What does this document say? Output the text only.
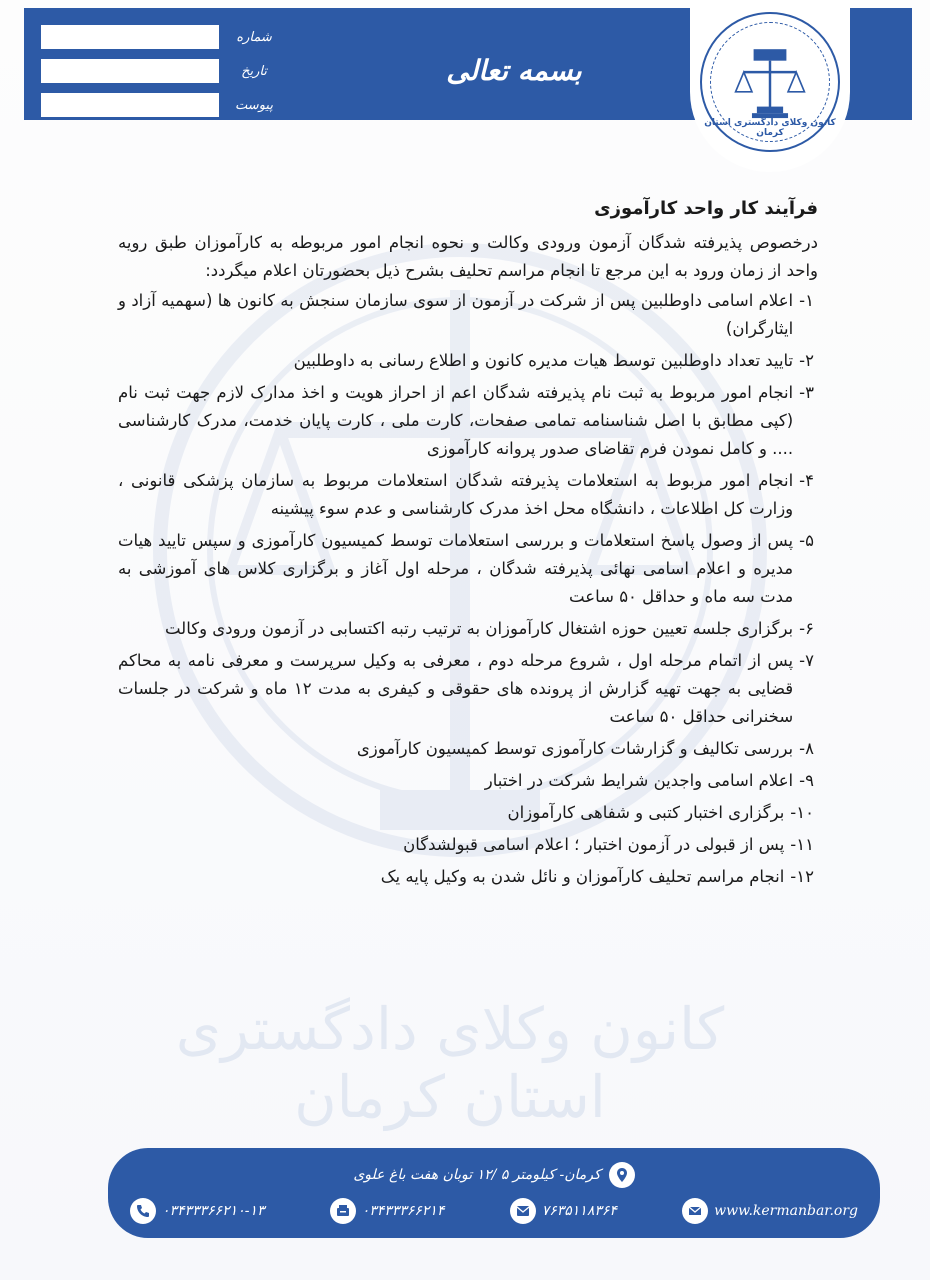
شماره
تاریخ
پیوست
بسمه تعالی
کانون وکلای دادگستری استان کرمان
کانون وکلای دادگستری استان کرمان
فرآیند کار واحد کارآموزی
درخصوص پذیرفته شدگان آزمون ورودی وکالت و نحوه انجام امور مربوطه به کارآموزان طبق رویه واحد از زمان ورود به این مرجع تا انجام مراسم تحلیف بشرح ذیل بحضورتان اعلام میگردد:
۱-
اعلام اسامی داوطلبین پس از شرکت در آزمون از سوی سازمان سنجش به کانون ها (سهمیه آزاد و ایثارگران)
۲-
تایید تعداد داوطلبین توسط هیات مدیره کانون و اطلاع رسانی به داوطلبین
۳-
انجام امور مربوط به ثبت نام پذیرفته شدگان اعم از احراز هویت و اخذ مدارک لازم جهت ثبت نام (کپی مطابق با اصل شناسنامه تمامی صفحات، کارت ملی ، کارت پایان خدمت، مدرک کارشناسی .... و کامل نمودن فرم تقاضای صدور پروانه کارآموزی
۴-
انجام امور مربوط به استعلامات پذیرفته شدگان استعلامات مربوط به سازمان پزشکی قانونی ، وزارت کل اطلاعات ، دانشگاه محل اخذ مدرک کارشناسی و عدم سوء پیشینه
۵-
پس از وصول پاسخ استعلامات و بررسی استعلامات توسط کمیسیون کارآموزی و سپس تایید هیات مدیره و اعلام اسامی نهائی پذیرفته شدگان ، مرحله اول آغاز و برگزاری کلاس های آموزشی به مدت سه ماه و حداقل ۵۰ ساعت
۶-
برگزاری جلسه تعیین حوزه اشتغال کارآموزان به ترتیب رتبه اکتسابی در آزمون ورودی وکالت
۷-
پس از اتمام مرحله اول ، شروع مرحله دوم ، معرفی به وکیل سرپرست و معرفی نامه به محاکم قضایی به جهت تهیه گزارش از پرونده های حقوقی و کیفری به مدت ۱۲ ماه و شرکت در جلسات سخنرانی حداقل ۵۰ ساعت
۸-
بررسی تکالیف و گزارشات کارآموزی توسط کمیسیون کارآموزی
۹-
اعلام اسامی واجدین شرایط شرکت در اختبار
۱۰-
برگزاری اختبار کتبی و شفاهی کارآموزان
۱۱-
پس از قبولی در آزمون اختبار ؛ اعلام اسامی قبولشدگان
۱۲-
انجام مراسم تحلیف کارآموزان و نائل شدن به وکیل پایه یک
کرمان- کیلومتر ۵ /۱۲ توبان هفت باغ علوی
۰۳۴۳۳۳۶۶۲۱۰-۱۳	۰۳۴۳۳۳۶۶۲۱۴	۷۶۳۵۱۱۸۳۶۴	www.kermanbar.org
